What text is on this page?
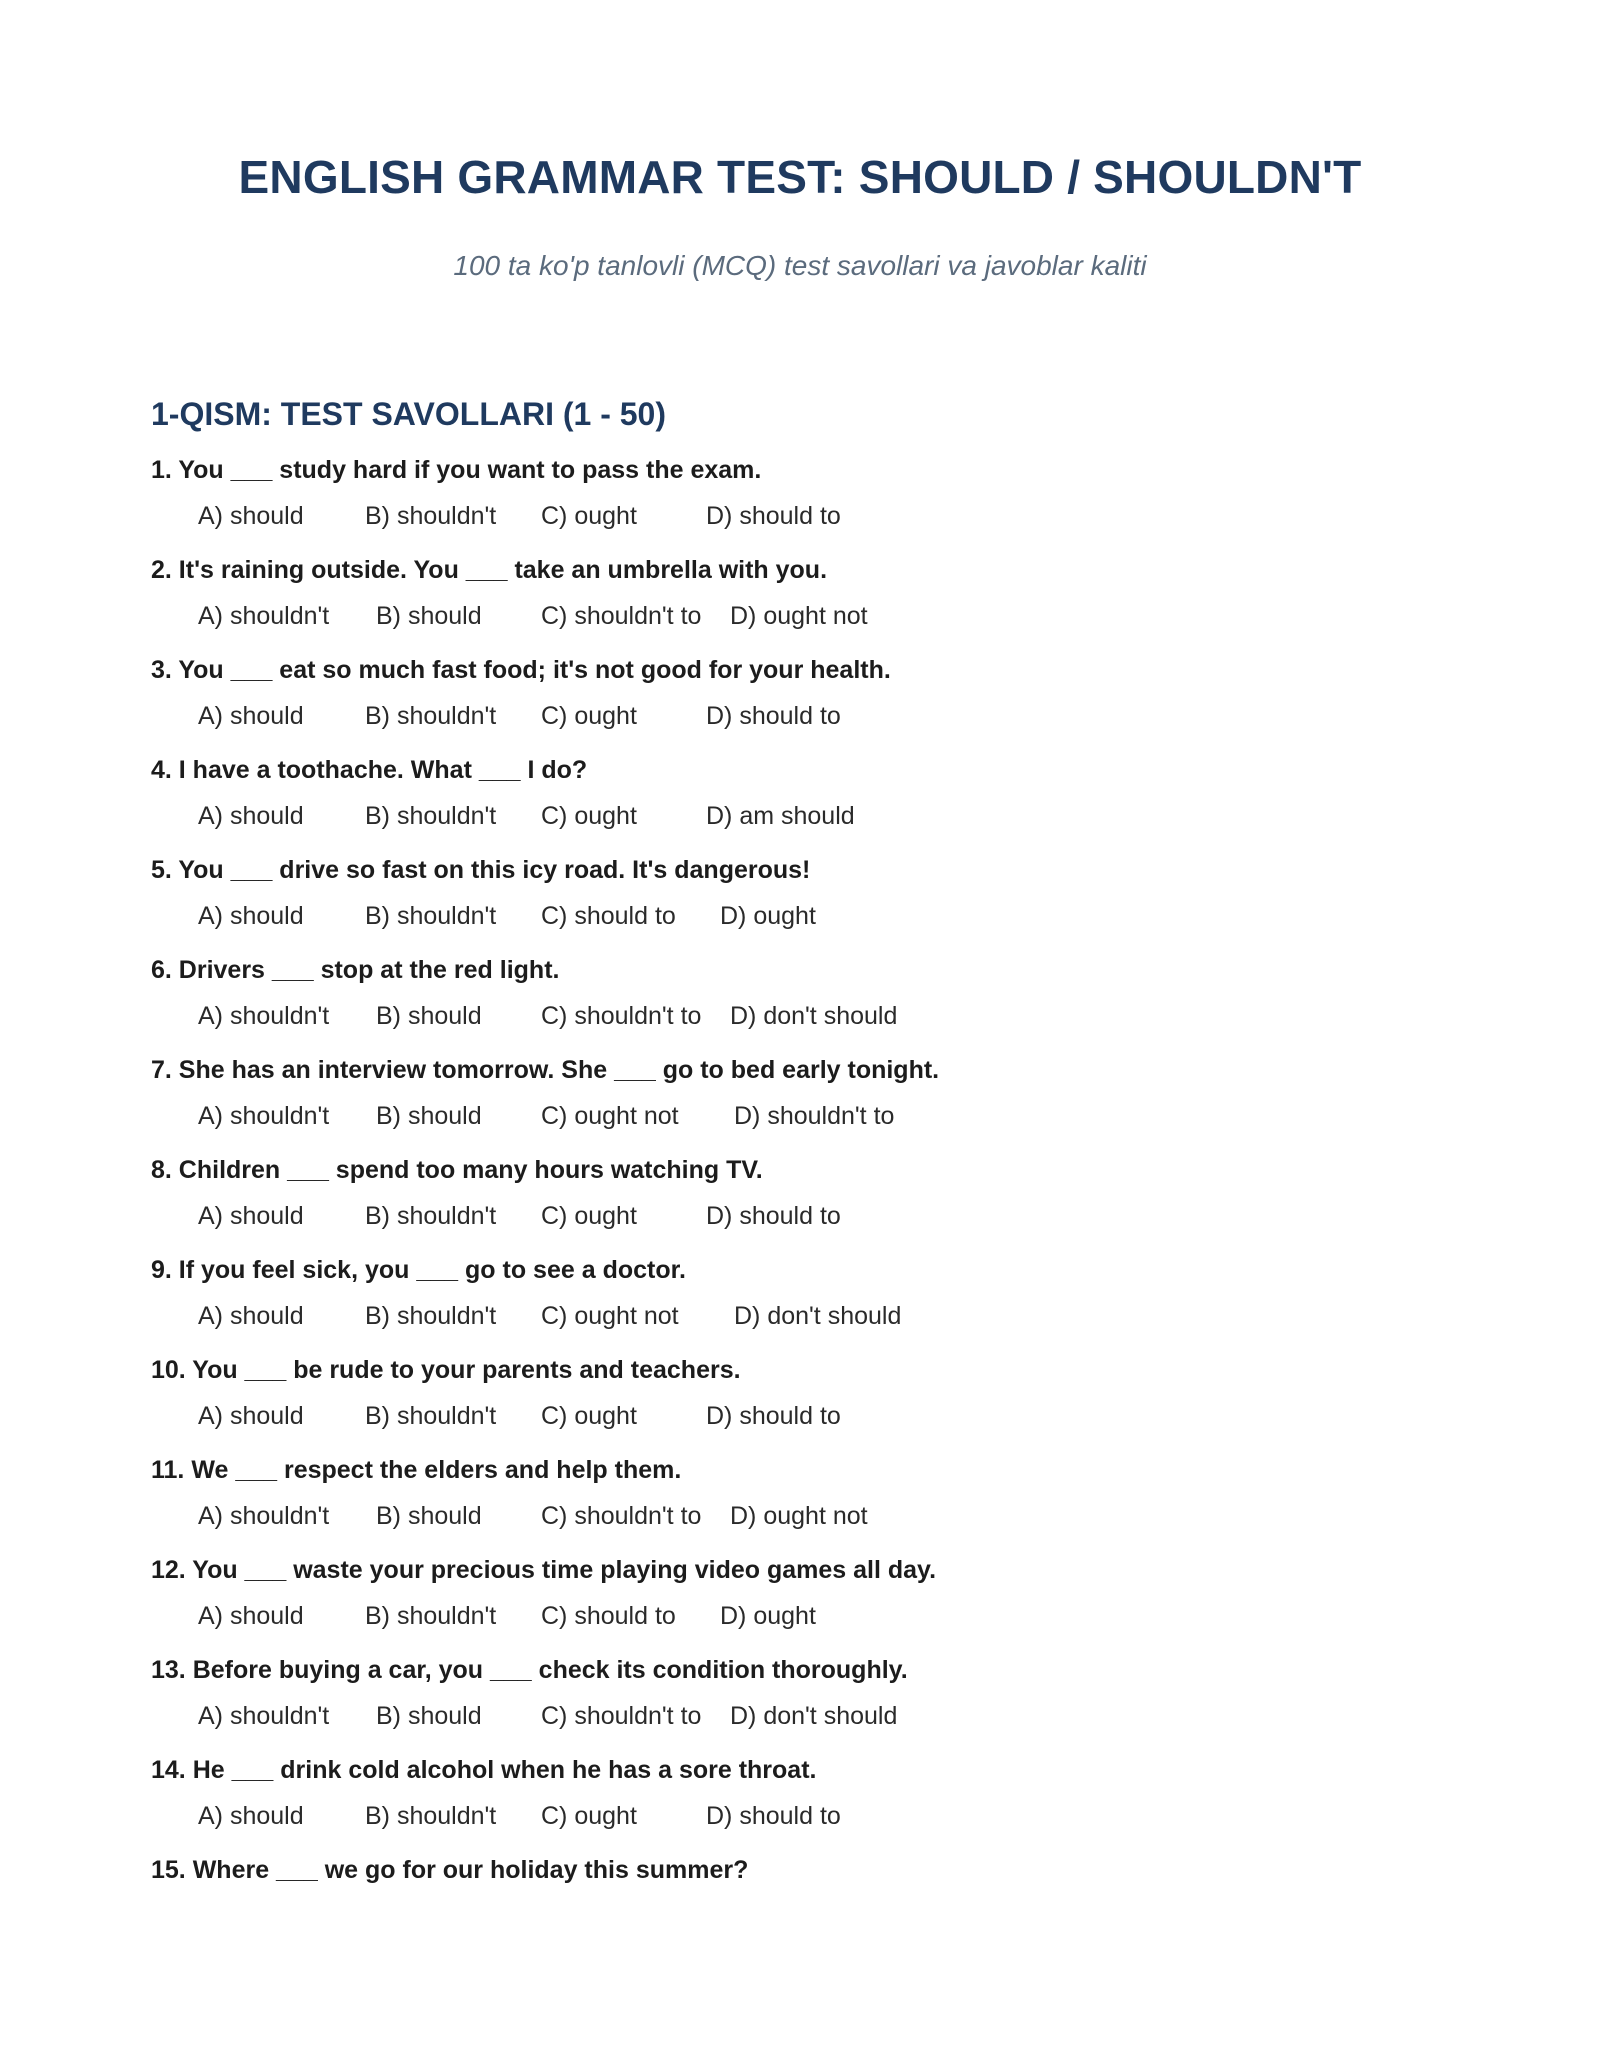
ENGLISH GRAMMAR TEST: SHOULD / SHOULDN'T

100 ta ko'p tanlovli (MCQ) test savollari va javoblar kaliti

1-QISM: TEST SAVOLLARI (1 - 50)
1. You ___ study hard if you want to pass the exam.
A) should B) shouldn't C) ought	D) should to
2. It's raining outside. You ___ take an umbrella with you.
A) shouldn't B) should C) shouldn't to D) ought not
3. You ___ eat so much fast food; it's not good for your health.
A) should B) shouldn't C) ought	D) should to
4. I have a toothache. What ___ I do?
A) should B) shouldn't C) ought	D) am should
5. You ___ drive so fast on this icy road. It's dangerous!
A) should B) shouldn't C) should to D) ought
6. Drivers ___ stop at the red light.
A) shouldn't B) should C) shouldn't to D) don't should
7. She has an interview tomorrow. She ___ go to bed early tonight.
A) shouldn't B) should C) ought not D) shouldn't to
8. Children ___ spend too many hours watching TV.
A) should B) shouldn't C) ought	D) should to
9. If you feel sick, you ___ go to see a doctor.
A) should B) shouldn't C) ought not D) don't should
10. You ___ be rude to your parents and teachers.
A) should B) shouldn't C) ought	D) should to
11. We ___ respect the elders and help them.
A) shouldn't B) should C) shouldn't to D) ought not
12. You ___ waste your precious time playing video games all day.
A) should B) shouldn't C) should to D) ought
13. Before buying a car, you ___ check its condition thoroughly.
A) shouldn't B) should C) shouldn't to D) don't should
14. He ___ drink cold alcohol when he has a sore throat.
A) should B) shouldn't C) ought	D) should to
15. Where ___ we go for our holiday this summer?
